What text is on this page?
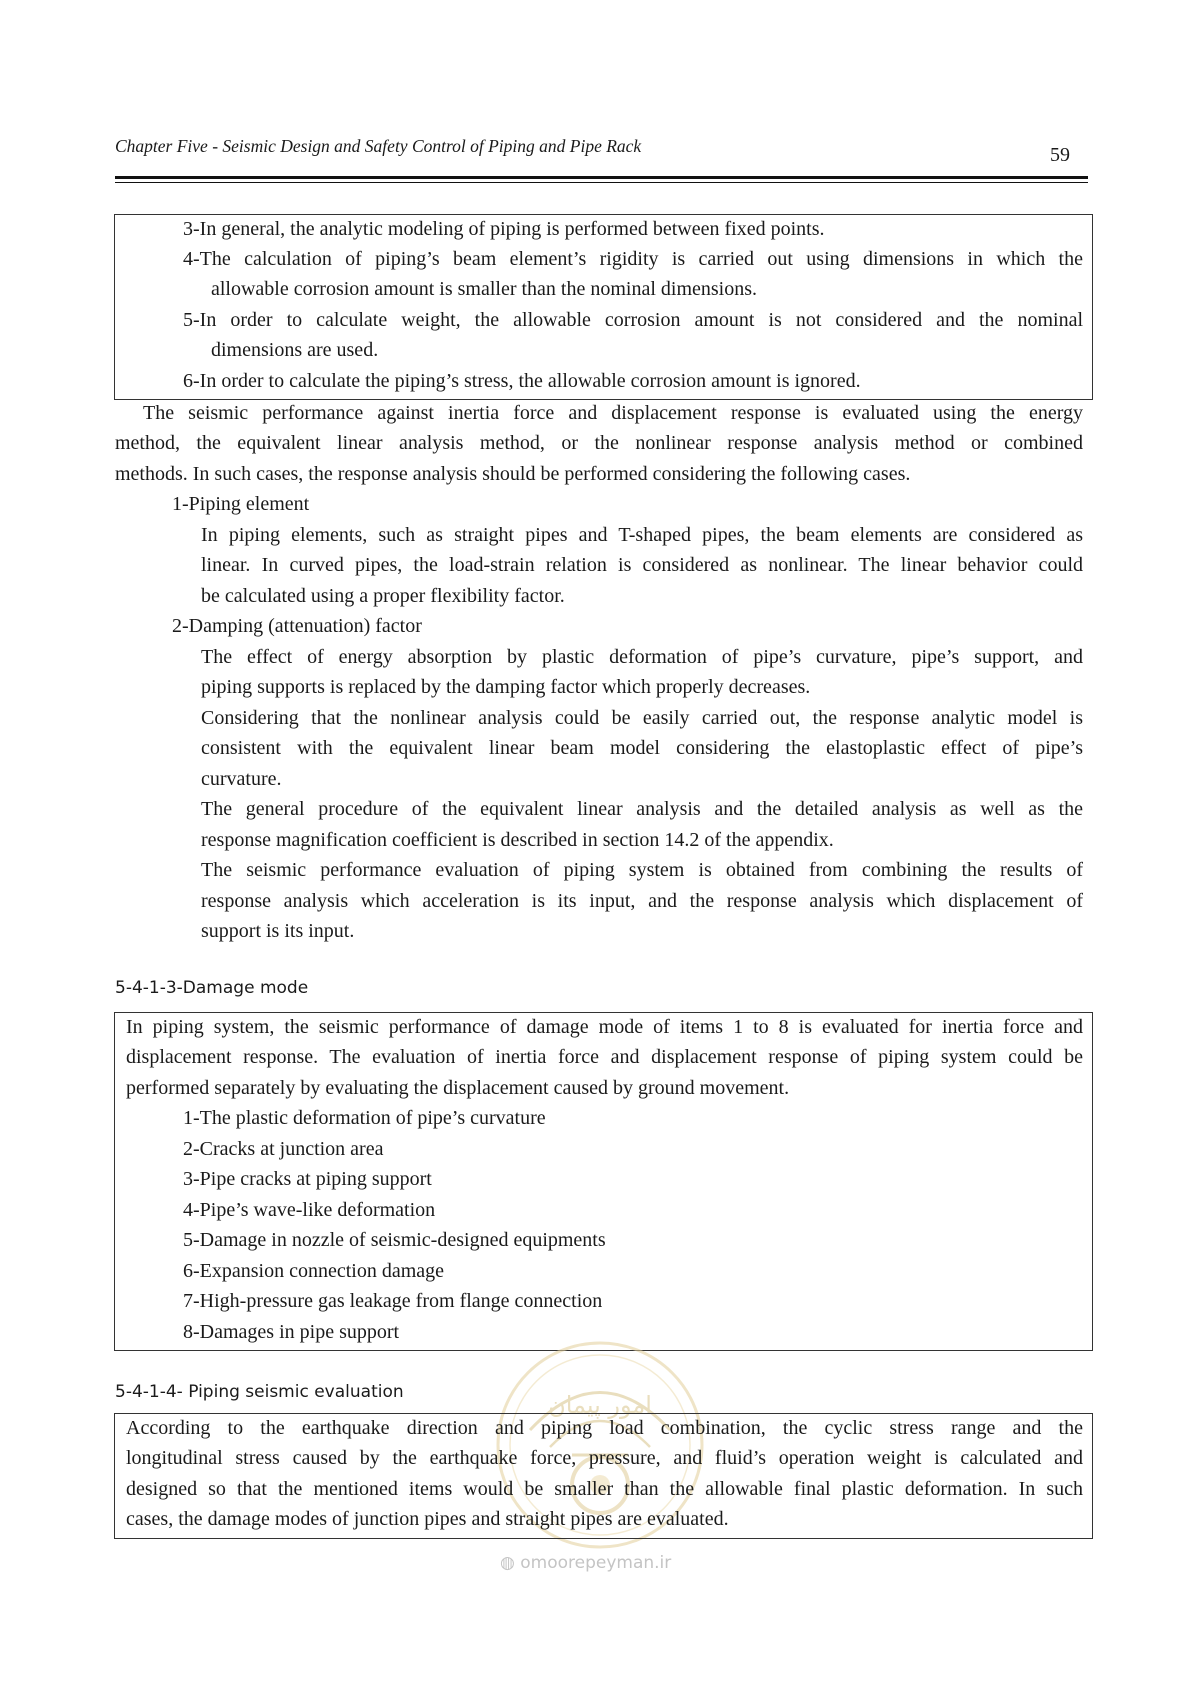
Chapter Five - Seismic Design and Safety Control of Piping and Pipe Rack	59
3-In general, the analytic modeling of piping is performed between fixed points.
4-The calculation of piping’s beam element’s rigidity is carried out using dimensions in which the
allowable corrosion amount is smaller than the nominal dimensions.
5-In order to calculate weight, the allowable corrosion amount is not considered and the nominal
dimensions are used.
6-In order to calculate the piping’s stress, the allowable corrosion amount is ignored.
The seismic performance against inertia force and displacement response is evaluated using the energy
method, the equivalent linear analysis method, or the nonlinear response analysis method or combined
methods. In such cases, the response analysis should be performed considering the following cases.
1-Piping element
In piping elements, such as straight pipes and T-shaped pipes, the beam elements are considered as
linear. In curved pipes, the load-strain relation is considered as nonlinear. The linear behavior could
be calculated using a proper flexibility factor.
2-Damping (attenuation) factor
The effect of energy absorption by plastic deformation of pipe’s curvature, pipe’s support, and
piping supports is replaced by the damping factor which properly decreases.
Considering that the nonlinear analysis could be easily carried out, the response analytic model is
consistent with the equivalent linear beam model considering the elastoplastic effect of pipe’s
curvature.
The general procedure of the equivalent linear analysis and the detailed analysis as well as the
response magnification coefficient is described in section 14.2 of the appendix.
The seismic performance evaluation of piping system is obtained from combining the results of
response analysis which acceleration is its input, and the response analysis which displacement of
support is its input.
5-4-1-3-Damage mode
In piping system, the seismic performance of damage mode of items 1 to 8 is evaluated for inertia force and
displacement response. The evaluation of inertia force and displacement response of piping system could be
performed separately by evaluating the displacement caused by ground movement.
1-The plastic deformation of pipe’s curvature
2-Cracks at junction area
3-Pipe cracks at piping support
4-Pipe’s wave-like deformation
5-Damage in nozzle of seismic-designed equipments
6-Expansion connection damage
7-High-pressure gas leakage from flange connection
8-Damages in pipe support
امور پیمان
5-4-1-4- Piping seismic evaluation
According to the earthquake direction and piping load combination, the cyclic stress range and the
longitudinal stress caused by the earthquake force, pressure, and fluid’s operation weight is calculated and
designed so that the mentioned items would be smaller than the allowable final plastic deformation. In such
cases, the damage modes of junction pipes and straight pipes are evaluated.
◍ omoorepeyman.ir
